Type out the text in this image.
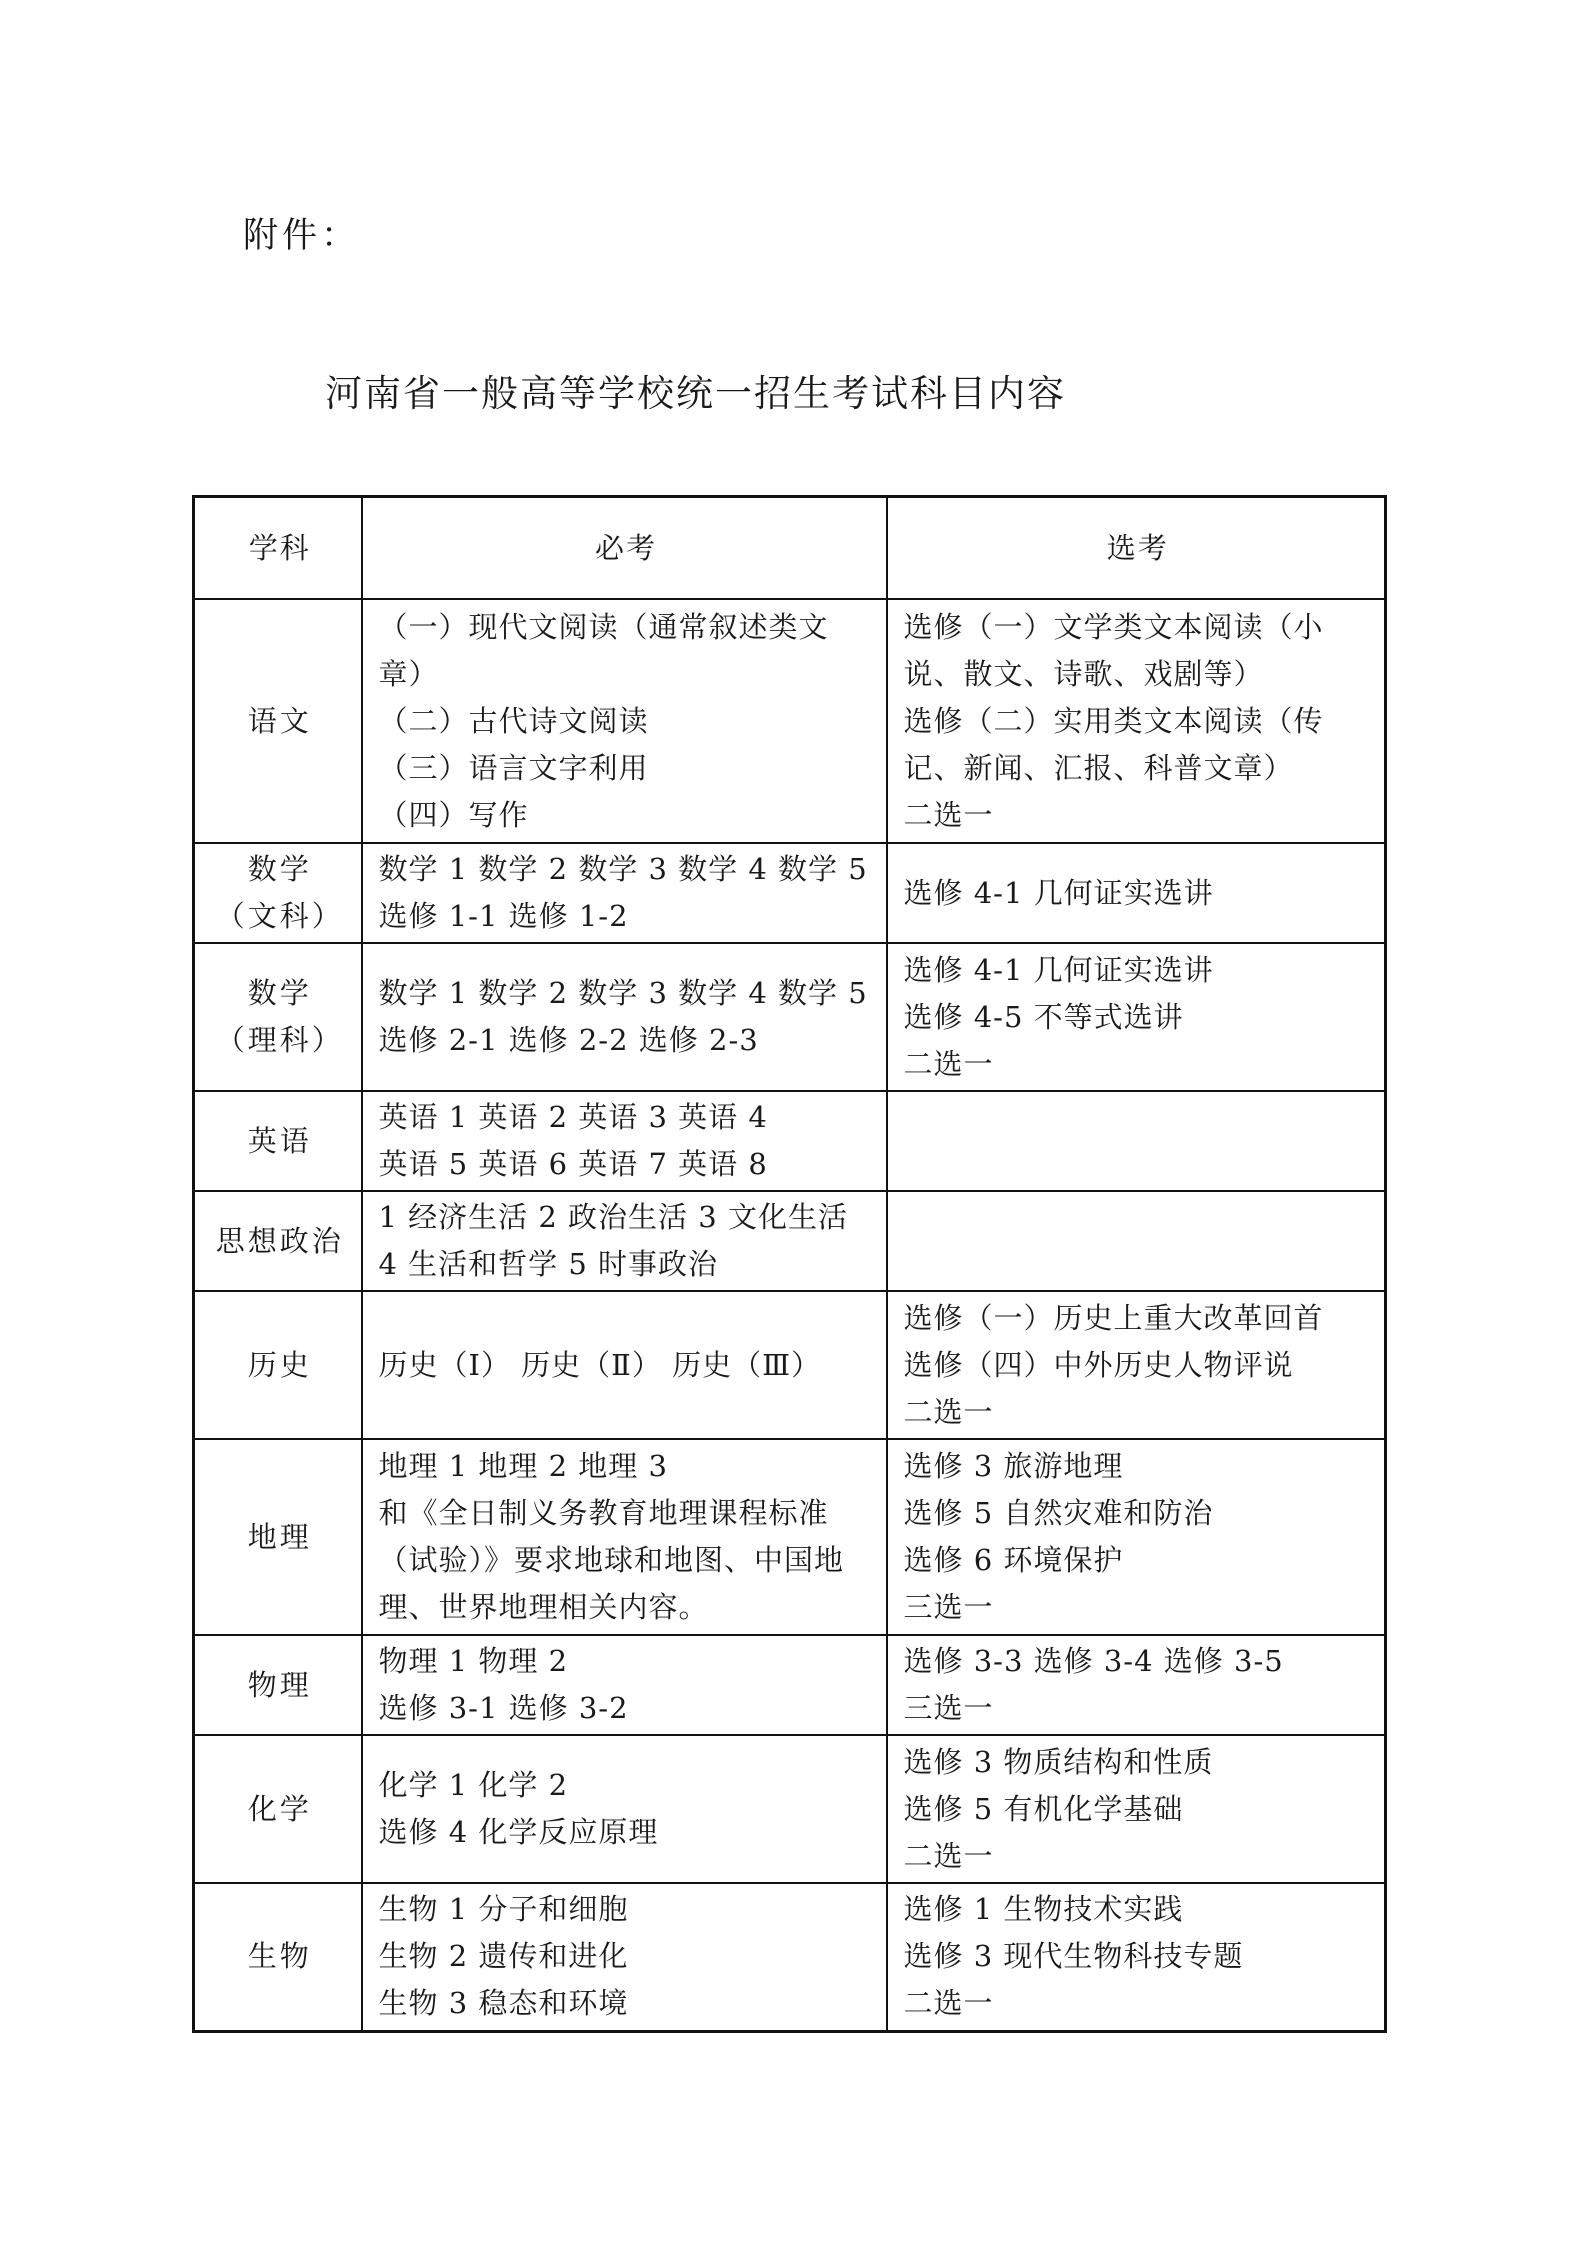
附件：
河南省一般高等学校统一招生考试科目内容
学科	必考	选考

语文	（一）现代文阅读（通常叙述类文章）
（二）古代诗文阅读
（三）语言文字利用
（四）写作	选修（一）文学类文本阅读（小说、散文、诗歌、戏剧等）
选修（二）实用类文本阅读（传记、新闻、汇报、科普文章）
二选一

数学
（文科）	数学 1 数学 2 数学 3 数学 4 数学 5
选修 1-1 选修 1-2	选修 4-1 几何证实选讲

数学
（理科）	数学 1 数学 2 数学 3 数学 4 数学 5
选修 2-1 选修 2-2 选修 2-3	选修 4-1 几何证实选讲
选修 4-5 不等式选讲
二选一

英语	英语 1 英语 2 英语 3 英语 4
英语 5 英语 6 英语 7 英语 8	

思想政治	1 经济生活 2 政治生活 3 文化生活 4 生活和哲学 5 时事政治	

历史	历史（Ⅰ） 历史（Ⅱ） 历史（Ⅲ）	选修（一）历史上重大改革回首
选修（四）中外历史人物评说
二选一

地理	地理 1 地理 2 地理 3
和《全日制义务教育地理课程标准（试验）》要求地球和地图、中国地理、世界地理相关内容。	选修 3 旅游地理
选修 5 自然灾难和防治
选修 6 环境保护
三选一

物理	物理 1 物理 2
选修 3-1 选修 3-2	选修 3-3 选修 3-4 选修 3-5
三选一

化学	化学 1 化学 2
选修 4 化学反应原理	选修 3 物质结构和性质
选修 5 有机化学基础
二选一

生物	生物 1 分子和细胞
生物 2 遗传和进化
生物 3 稳态和环境	选修 1 生物技术实践
选修 3 现代生物科技专题
二选一
